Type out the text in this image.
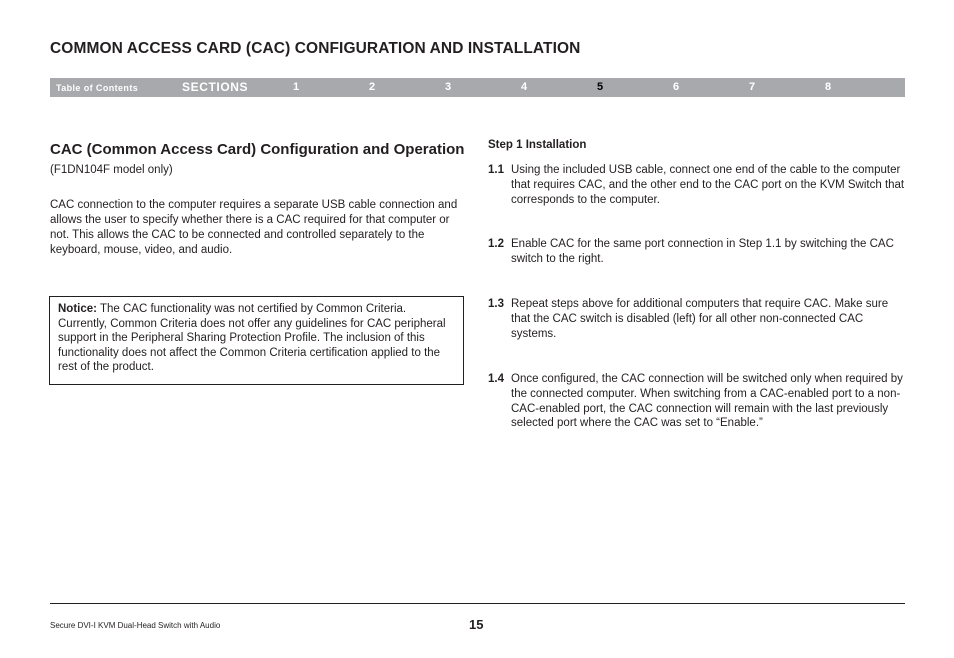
COMMON ACCESS CARD (CAC) CONFIGURATION AND INSTALLATION
Table of Contents	SECTIONS	1	2	3	4	5	6	7	8
CAC (Common Access Card) Configuration and Operation (F1DN104F model only)

CAC connection to the computer requires a separate USB cable connection and allows the user to specify whether there is a CAC required for that computer or not. This allows the CAC to be connected and controlled separately to the keyboard, mouse, video, and audio.

Notice: The CAC functionality was not certified by Common Criteria. Currently, Common Criteria does not offer any guidelines for CAC peripheral support in the Peripheral Sharing Protection Profile. The inclusion of this functionality does not affect the Common Criteria certification applied to the rest of the product.
Step 1 Installation
1.1 Using the included USB cable, connect one end of the cable to the computer that requires CAC, and the other end to the CAC port on the KVM Switch that corresponds to the computer.
1.2 Enable CAC for the same port connection in Step 1.1 by switching the CAC switch to the right.
1.3 Repeat steps above for additional computers that require CAC. Make sure that the CAC switch is disabled (left) for all other non-connected CAC systems.
1.4 Once configured, the CAC connection will be switched only when required by the connected computer. When switching from a CAC-enabled port to a non-CAC-enabled port, the CAC connection will remain with the last previously selected port where the CAC was set to “Enable.”
Secure DVI-I KVM Dual-Head Switch with Audio	15
